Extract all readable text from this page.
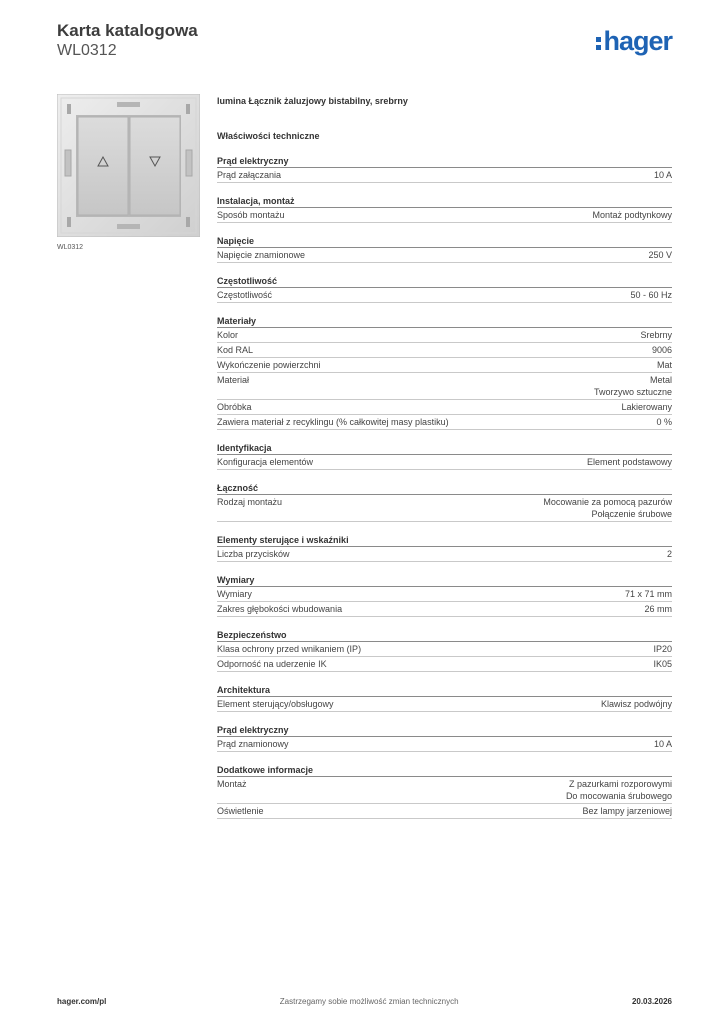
Karta katalogowa
WL0312	hager
WL0312
lumina Łącznik żaluzjowy bistabilny, srebrny
Właściwości techniczne
Prąd elektryczny
Prąd załączania	10 A
Instalacja, montaż
Sposób montażu	Montaż podtynkowy
Napięcie
Napięcie znamionowe	250 V
Częstotliwość
Częstotliwość	50 - 60 Hz
Materiały
Kolor	Srebrny
Kod RAL	9006
Wykończenie powierzchni	Mat
Materiał	Metal
Tworzywo sztuczne
Obróbka	Lakierowany
Zawiera materiał z recyklingu (% całkowitej masy plastiku)	0 %
Identyfikacja
Konfiguracja elementów	Element podstawowy
Łączność
Rodzaj montażu	Mocowanie za pomocą pazurów
Połączenie śrubowe
Elementy sterujące i wskaźniki
Liczba przycisków	2
Wymiary
Wymiary	71 x 71 mm
Zakres głębokości wbudowania	26 mm
Bezpieczeństwo
Klasa ochrony przed wnikaniem (IP)	IP20
Odporność na uderzenie IK	IK05
Architektura
Element sterujący/obsługowy	Klawisz podwójny
Prąd elektryczny
Prąd znamionowy	10 A
Dodatkowe informacje
Montaż	Z pazurkami rozporowymi
Do mocowania śrubowego
Oświetlenie	Bez lampy jarzeniowej
hager.com/pl	Zastrzegamy sobie możliwość zmian technicznych	20.03.2026
